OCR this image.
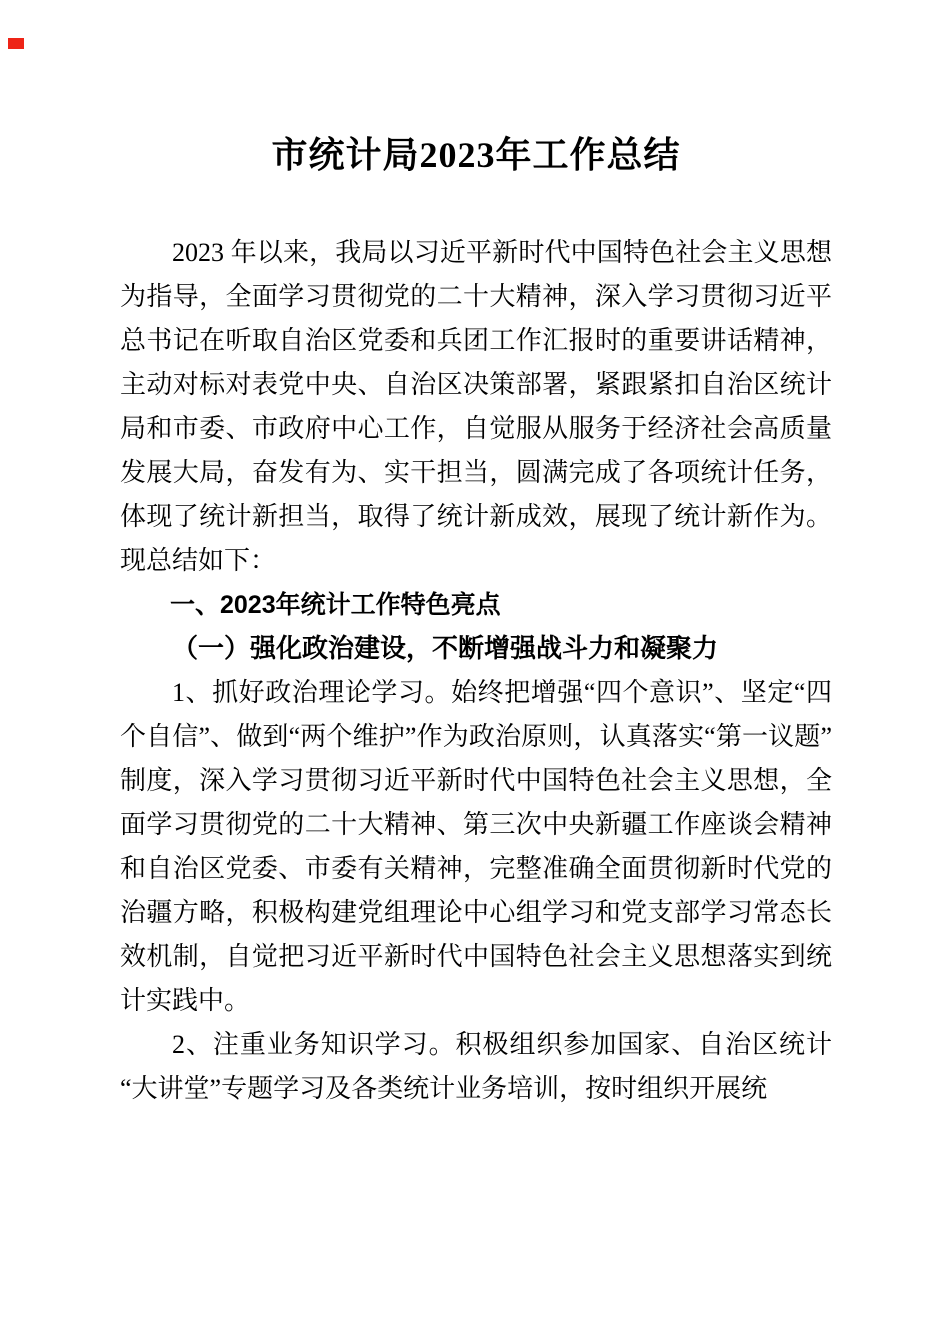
市统计局2023年工作总结

2023 年以来，我局以习近平新时代中国特色社会主义思想为指导，全面学习贯彻党的二十大精神，深入学习贯彻习近平总书记在听取自治区党委和兵团工作汇报时的重要讲话精神，主动对标对表党中央、自治区决策部署，紧跟紧扣自治区统计局和市委、市政府中心工作，自觉服从服务于经济社会高质量发展大局，奋发有为、实干担当，圆满完成了各项统计任务，体现了统计新担当，取得了统计新成效，展现了统计新作为。现总结如下：

一、2023年统计工作特色亮点

（一）强化政治建设，不断增强战斗力和凝聚力

1、抓好政治理论学习。始终把增强“四个意识”、坚定“四个自信”、做到“两个维护”作为政治原则，认真落实“第一议题”制度，深入学习贯彻习近平新时代中国特色社会主义思想，全面学习贯彻党的二十大精神、第三次中央新疆工作座谈会精神和自治区党委、市委有关精神，完整准确全面贯彻新时代党的治疆方略，积极构建党组理论中心组学习和党支部学习常态长效机制，自觉把习近平新时代中国特色社会主义思想落实到统计实践中。

2、注重业务知识学习。积极组织参加国家、自治区统计“大讲堂”专题学习及各类统计业务培训，按时组织开展统
